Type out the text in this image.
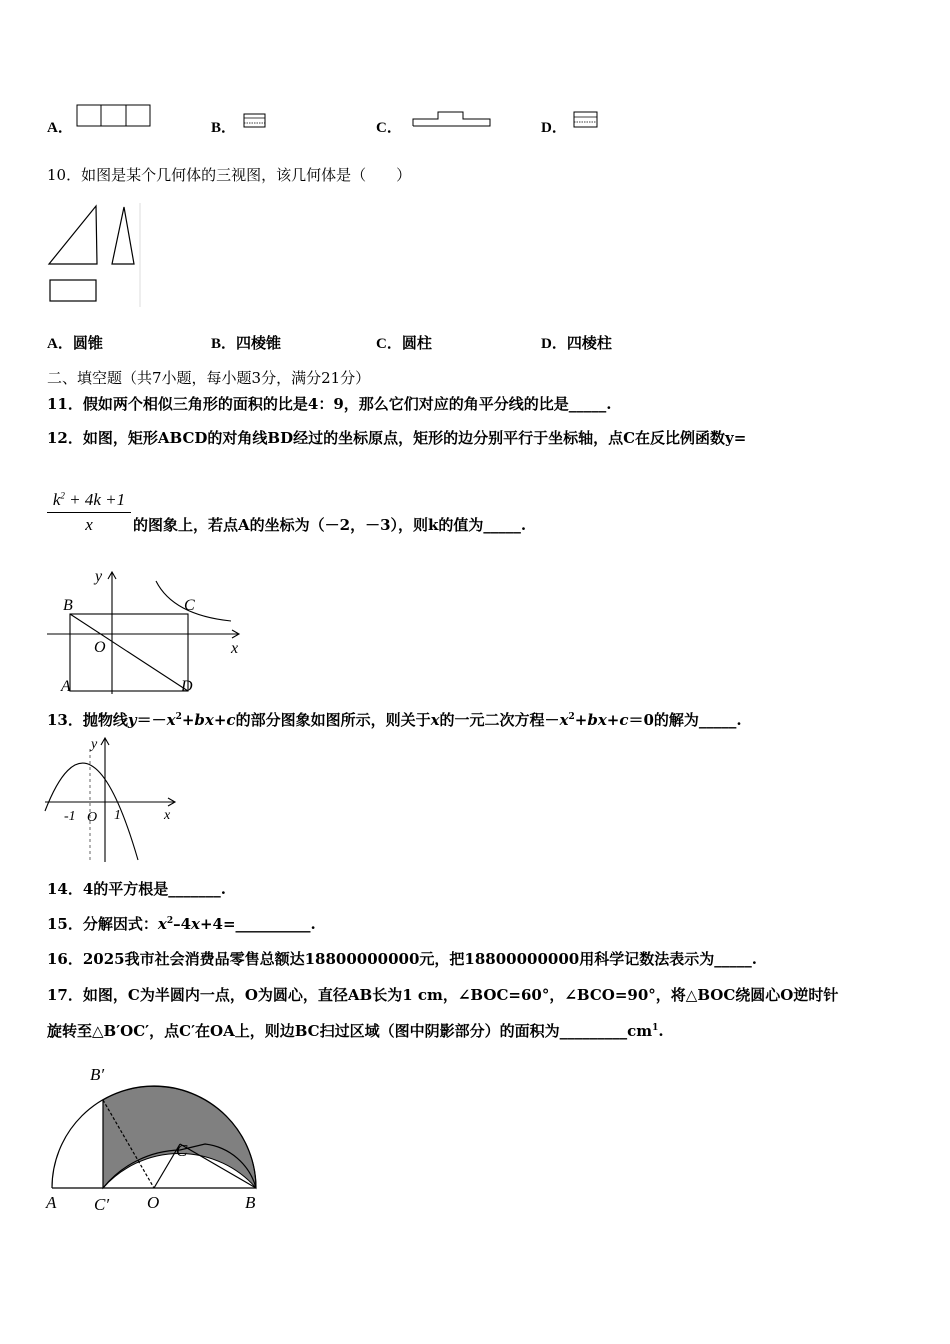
A．	B．	C．	D．
10．如图是某个几何体的三视图，该几何体是（　　）
A．圆锥	B．四棱锥	C．圆柱	D．四棱柱
二、填空题（共7小题，每小题3分，满分21分）
11．假如两个相似三角形的面积的比是4：9，那么它们对应的角平分线的比是_____.
12．如图，矩形ABCD的对角线BD经过的坐标原点，矩形的边分别平行于坐标轴，点C在反比例函数y=
$\frac{k^2 + 4k +1}{x}$ 的图象上，若点A的坐标为（－2，－3），则k的值为_____.
y
B	C
O	x
A	D
13．抛物线$y=-x^2+bx+c$的部分图象如图所示，则关于x的一元二次方程$-x^2+bx+c=0$的解为_____.
y
-1 O 1	x
14．4的平方根是_______.
15．分解因式：$x^2-4x+4=\_\_\_\_\_\_\_\_\_\_$.
16．2025我市社会消费品零售总额达18800000000元，把18800000000用科学记数法表示为_____.
17．如图，C为半圆内一点，O为圆心，直径AB长为1 cm，∠BOC=60°，∠BCO=90°，将△BOC绕圆心O逆时针
旋转至△B′OC′，点C′在OA上，则边BC扫过区域（图中阴影部分）的面积为$\_\_\_\_\_\_\_\_\_cm^1$.
B′
C
A C′ O	B
